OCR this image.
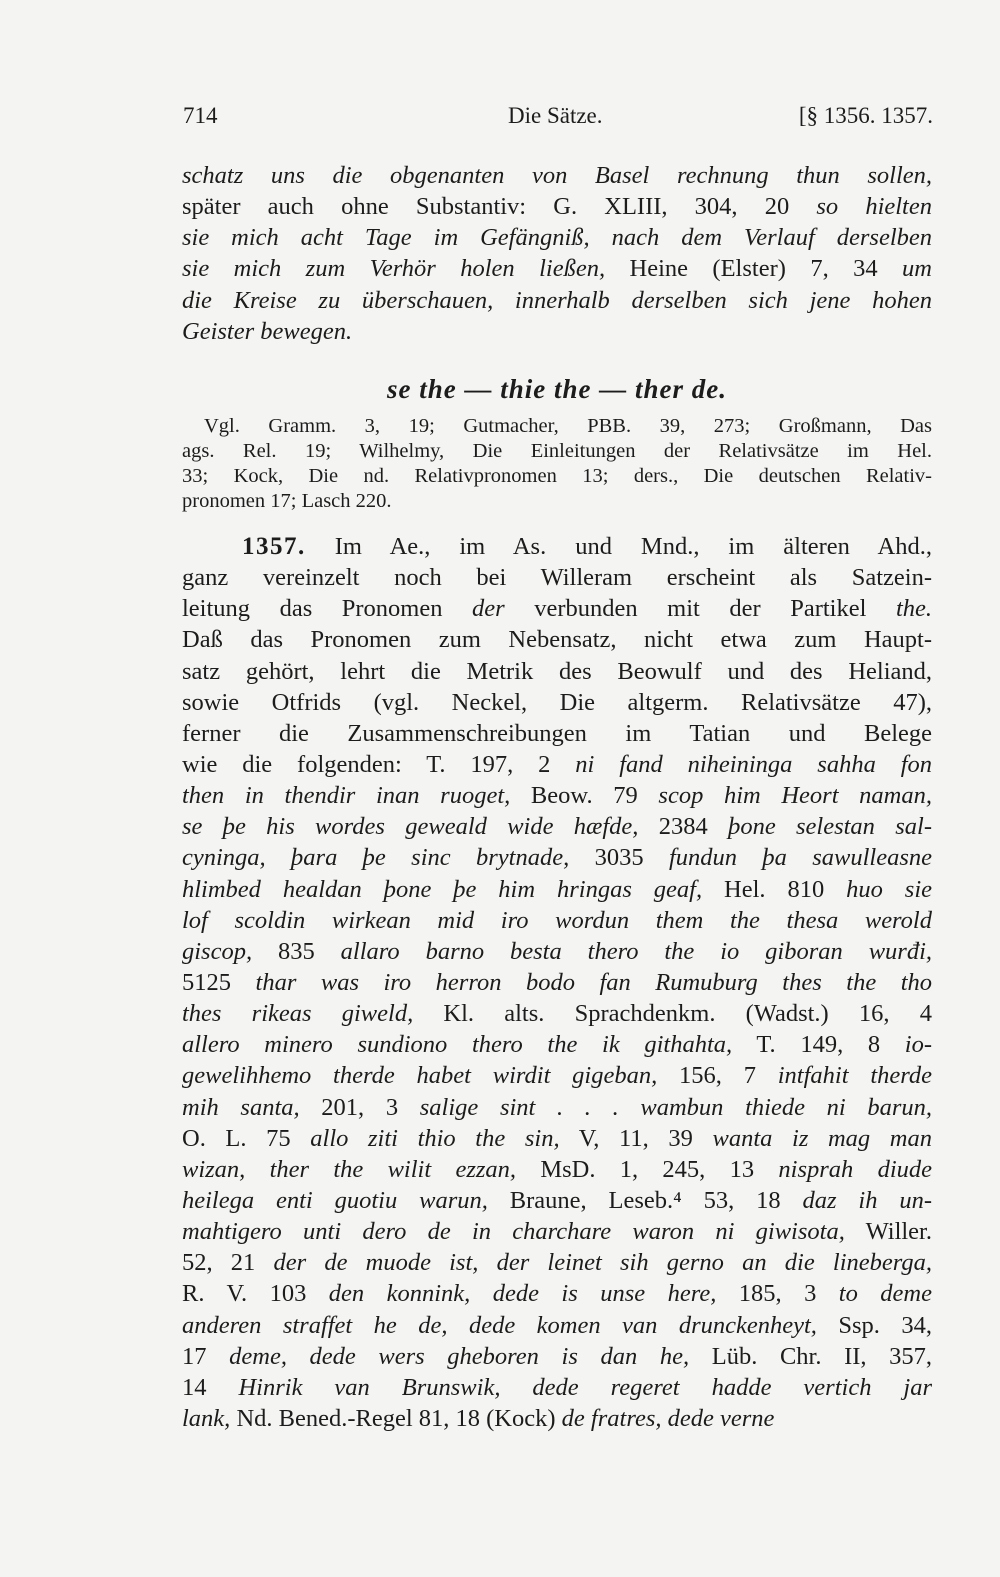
714	Die Sätze.	[§ 1356. 1357.
schatz uns die obgenanten von Basel rechnung thun sollen,
später auch ohne Substantiv: G. XLIII, 304, 20 so hielten
sie mich acht Tage im Gefängniß, nach dem Verlauf derselben
sie mich zum Verhör holen ließen, Heine (Elster) 7, 34 um
die Kreise zu überschauen, innerhalb derselben sich jene hohen
Geister bewegen.
se the — thie the — ther de.
Vgl. Gramm. 3, 19; Gutmacher, PBB. 39, 273; Großmann, Das
ags. Rel. 19; Wilhelmy, Die Einleitungen der Relativsätze im Hel.
33; Kock, Die nd. Relativpronomen 13; ders., Die deutschen Relativ-
pronomen 17; Lasch 220.
1357. Im Ae., im As. und Mnd., im älteren Ahd.,
ganz vereinzelt noch bei Willeram erscheint als Satzein-
leitung das Pronomen der verbunden mit der Partikel the.
Daß das Pronomen zum Nebensatz, nicht etwa zum Haupt-
satz gehört, lehrt die Metrik des Beowulf und des Heliand,
sowie Otfrids (vgl. Neckel, Die altgerm. Relativsätze 47),
ferner die Zusammenschreibungen im Tatian und Belege
wie die folgenden: T. 197, 2 ni fand niheininga sahha fon
then in thendir inan ruoget, Beow. 79 scop him Heort naman,
se þe his wordes geweald wide hæfde, 2384 þone selestan sal-
cyninga, þara þe sinc brytnade, 3035 fundun þa sawulleasne
hlimbed healdan þone þe him hringas geaf, Hel. 810 huo sie
lof scoldin wirkean mid iro wordun them the thesa werold
giscop, 835 allaro barno besta thero the io giboran wurđi,
5125 thar was iro herron bodo fan Rumuburg thes the tho
thes rikeas giweld, Kl. alts. Sprachdenkm. (Wadst.) 16, 4
allero minero sundiono thero the ik githahta, T. 149, 8 io-
gewelihhemo therde habet wirdit gigeban, 156, 7 intfahit therde
mih santa, 201, 3 salige sint . . . wambun thiede ni barun,
O. L. 75 allo ziti thio the sin, V, 11, 39 wanta iz mag man
wizan, ther the wilit ezzan, MsD. 1, 245, 13 nisprah diude
heilega enti guotiu warun, Braune, Leseb.⁴ 53, 18 daz ih un-
mahtigero unti dero de in charchare waron ni giwisota, Willer.
52, 21 der de muode ist, der leinet sih gerno an die lineberga,
R. V. 103 den konnink, dede is unse here, 185, 3 to deme
anderen straffet he de, dede komen van drunckenheyt, Ssp. 34,
17 deme, dede wers gheboren is dan he, Lüb. Chr. II, 357,
14 Hinrik van Brunswik, dede regeret hadde vertich jar
lank, Nd. Bened.-Regel 81, 18 (Kock) de fratres, dede verne
